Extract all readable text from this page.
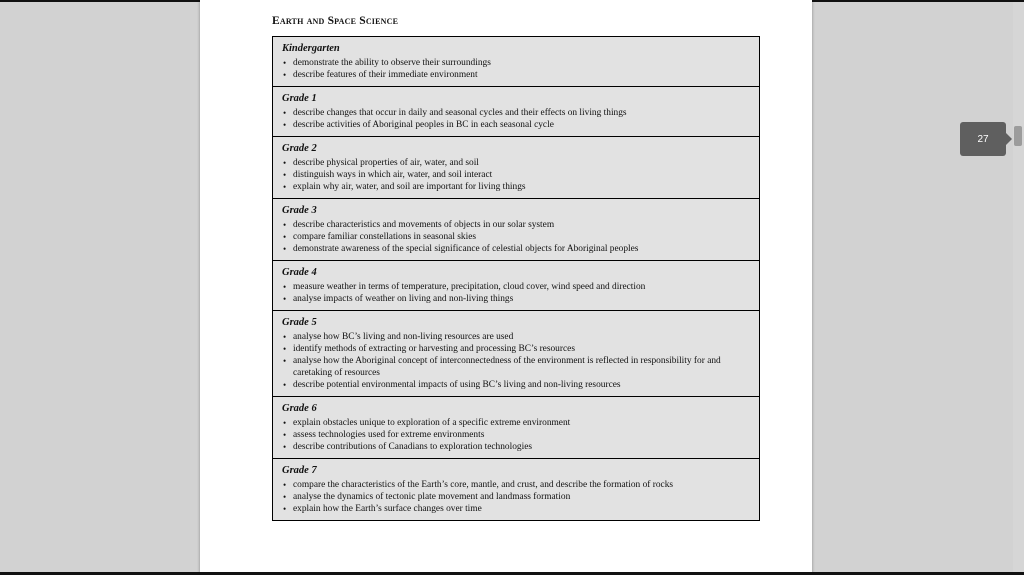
Earth and Space Science
Kindergarten
• demonstrate the ability to observe their surroundings
• describe features of their immediate environment
Grade 1
• describe changes that occur in daily and seasonal cycles and their effects on living things
• describe activities of Aboriginal peoples in BC in each seasonal cycle
Grade 2
• describe physical properties of air, water, and soil
• distinguish ways in which air, water, and soil interact
• explain why air, water, and soil are important for living things
Grade 3
• describe characteristics and movements of objects in our solar system
• compare familiar constellations in seasonal skies
• demonstrate awareness of the special significance of celestial objects for Aboriginal peoples
Grade 4
• measure weather in terms of temperature, precipitation, cloud cover, wind speed and direction
• analyse impacts of weather on living and non-living things
Grade 5
• analyse how BC’s living and non-living resources are used
• identify methods of extracting or harvesting and processing BC’s resources
• analyse how the Aboriginal concept of interconnectedness of the environment is reflected in responsibility for and caretaking of resources
• describe potential environmental impacts of using BC’s living and non-living resources
Grade 6
• explain obstacles unique to exploration of a specific extreme environment
• assess technologies used for extreme environments
• describe contributions of Canadians to exploration technologies
Grade 7
• compare the characteristics of the Earth’s core, mantle, and crust, and describe the formation of rocks
• analyse the dynamics of tectonic plate movement and landmass formation
• explain how the Earth’s surface changes over time
27
